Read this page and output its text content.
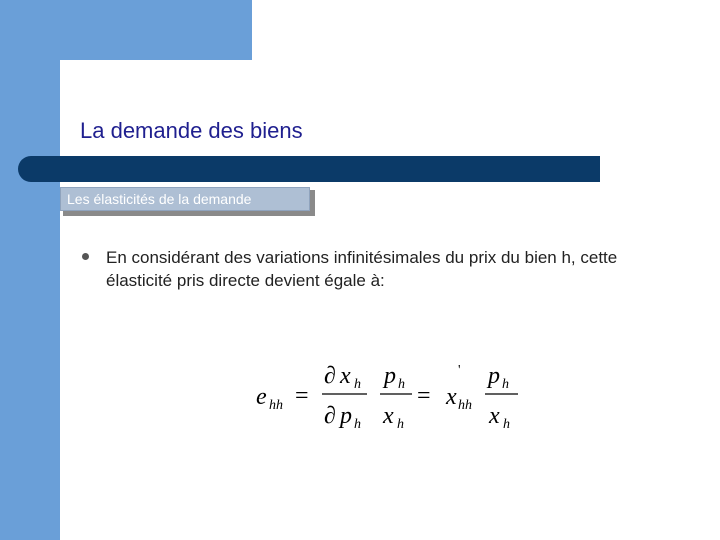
La demande des biens
Les élasticités de la demande
En considérant des variations infinitésimales du prix du bien h, cette élasticité pris directe devient égale à:
e hh =
∂ x h
∂ p h
p h
x h
= x
'
hh
p h
x h
